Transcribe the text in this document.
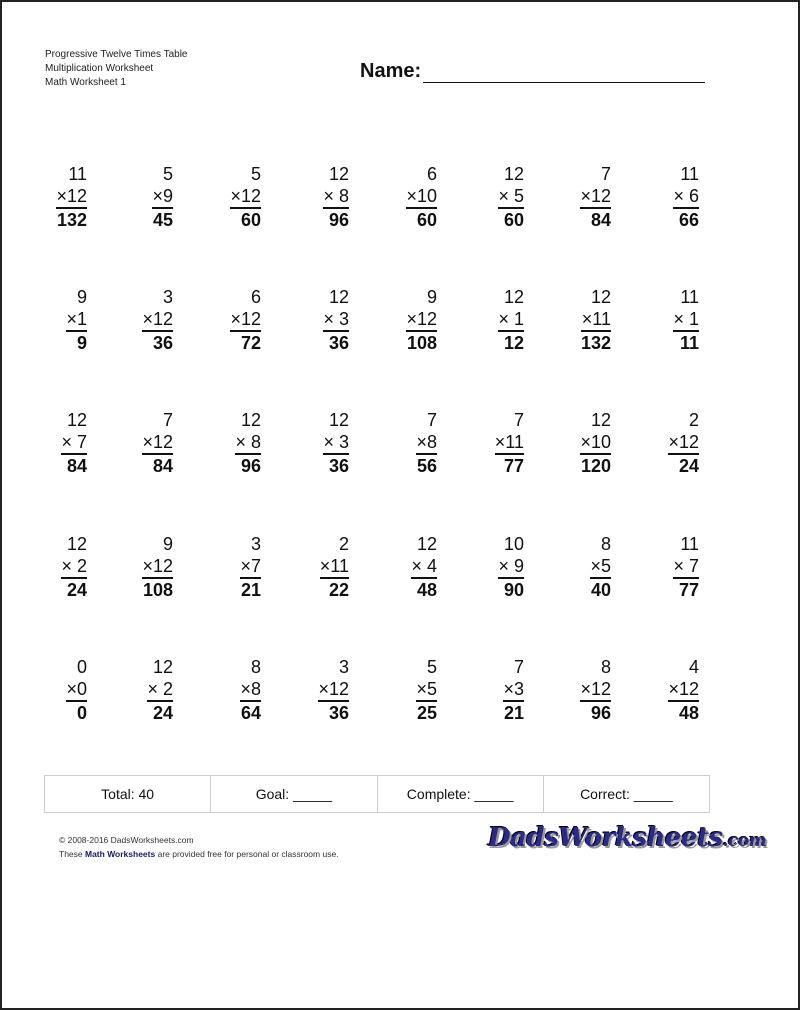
Progressive Twelve Times Table
Multiplication Worksheet
Math Worksheet 1
Name:
11
×12
132
5
×9
45
5
×12
60
12
× 8
96
6
×10
60
12
× 5
60
7
×12
84
11
× 6
66
9
×1
9
3
×12
36
6
×12
72
12
× 3
36
9
×12
108
12
× 1
12
12
×11
132
11
× 1
11
12
× 7
84
7
×12
84
12
× 8
96
12
× 3
36
7
×8
56
7
×11
77
12
×10
120
2
×12
24
12
× 2
24
9
×12
108
3
×7
21
2
×11
22
12
× 4
48
10
× 9
90
8
×5
40
11
× 7
77
0
×0
0
12
× 2
24
8
×8
64
3
×12
36
5
×5
25
7
×3
21
8
×12
96
4
×12
48
Total: 40	Goal: _____	Complete: _____	Correct: _____
© 2008-2016 DadsWorksheets.com
These Math Worksheets are provided free for personal or classroom use.
DadsWorksheets.com
